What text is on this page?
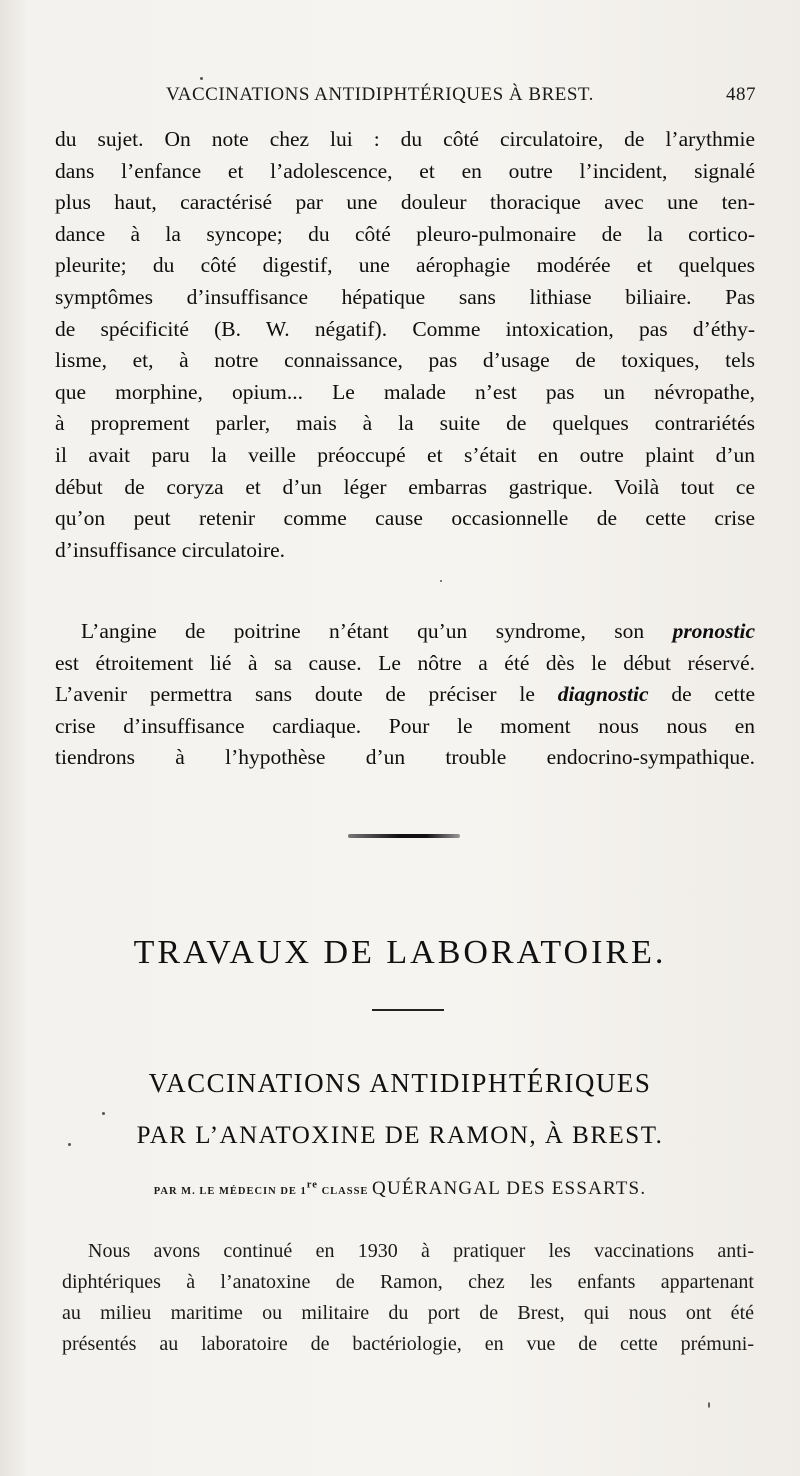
VACCINATIONS ANTIDIPHTÉRIQUES À BREST.	487
du sujet. On note chez lui : du côté circulatoire, de l’arythmie
dans l’enfance et l’adolescence, et en outre l’incident, signalé
plus haut, caractérisé par une douleur thoracique avec une ten-
dance à la syncope; du côté pleuro-pulmonaire de la cortico-
pleurite; du côté digestif, une aérophagie modérée et quelques
symptômes d’insuffisance hépatique sans lithiase biliaire. Pas
de spécificité (B. W. négatif). Comme intoxication, pas d’éthy-
lisme, et, à notre connaissance, pas d’usage de toxiques, tels
que morphine, opium... Le malade n’est pas un névropathe,
à proprement parler, mais à la suite de quelques contrariétés
il avait paru la veille préoccupé et s’était en outre plaint d’un
début de coryza et d’un léger embarras gastrique. Voilà tout ce
qu’on peut retenir comme cause occasionnelle de cette crise
d’insuffisance circulatoire.
L’angine de poitrine n’étant qu’un syndrome, son pronostic
est étroitement lié à sa cause. Le nôtre a été dès le début réservé.
L’avenir permettra sans doute de préciser le diagnostic de cette
crise d’insuffisance cardiaque. Pour le moment nous nous en
tiendrons à l’hypothèse d’un trouble endocrino-sympathique.
TRAVAUX DE LABORATOIRE.
VACCINATIONS ANTIDIPHTÉRIQUES
PAR L’ANATOXINE DE RAMON, À BREST.
PAR M. LE MÉDECIN DE 1re CLASSE QUÉRANGAL DES ESSARTS.
Nous avons continué en 1930 à pratiquer les vaccinations anti-
diphtériques à l’anatoxine de Ramon, chez les enfants appartenant
au milieu maritime ou militaire du port de Brest, qui nous ont été
présentés au laboratoire de bactériologie, en vue de cette prémuni-
